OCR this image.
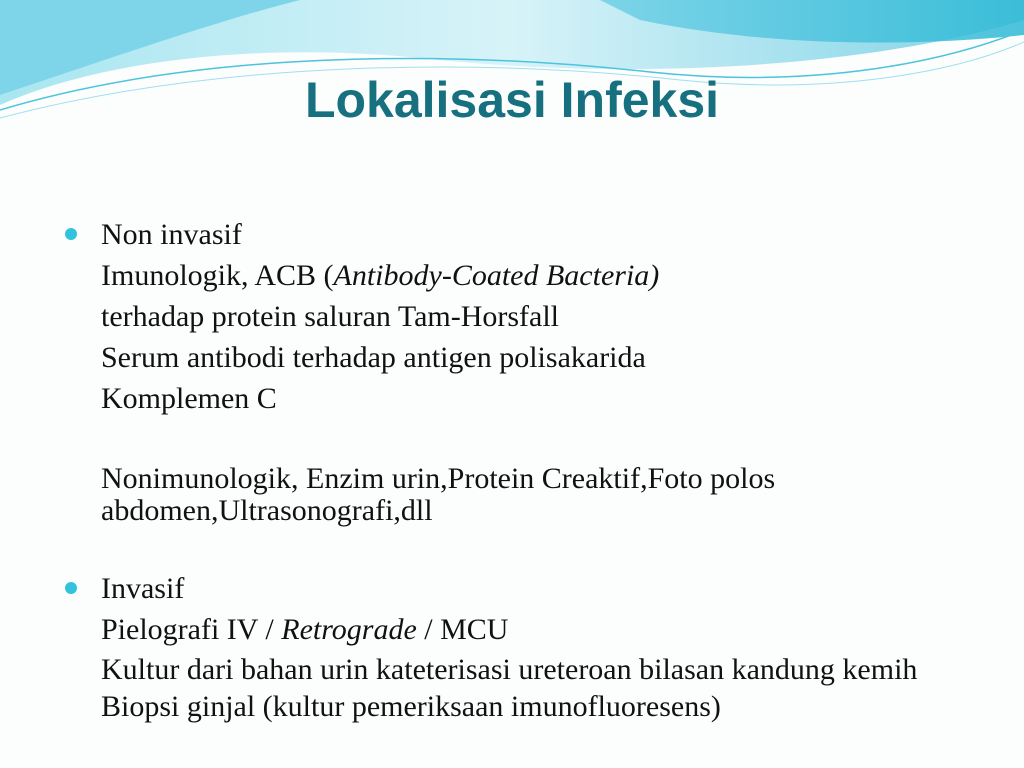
Lokalisasi Infeksi
Non invasif
Imunologik, ACB (Antibody-Coated Bacteria)
terhadap protein saluran Tam-Horsfall
Serum antibodi terhadap antigen polisakarida
Komplemen C
Nonimunologik, Enzim urin,Protein Creaktif,Foto polos abdomen,Ultrasonografi,dll
Invasif
Pielografi IV / Retrograde / MCU
Kultur dari bahan urin kateterisasi ureteroan bilasan kandung kemih
Biopsi ginjal (kultur pemeriksaan imunofluoresens)
